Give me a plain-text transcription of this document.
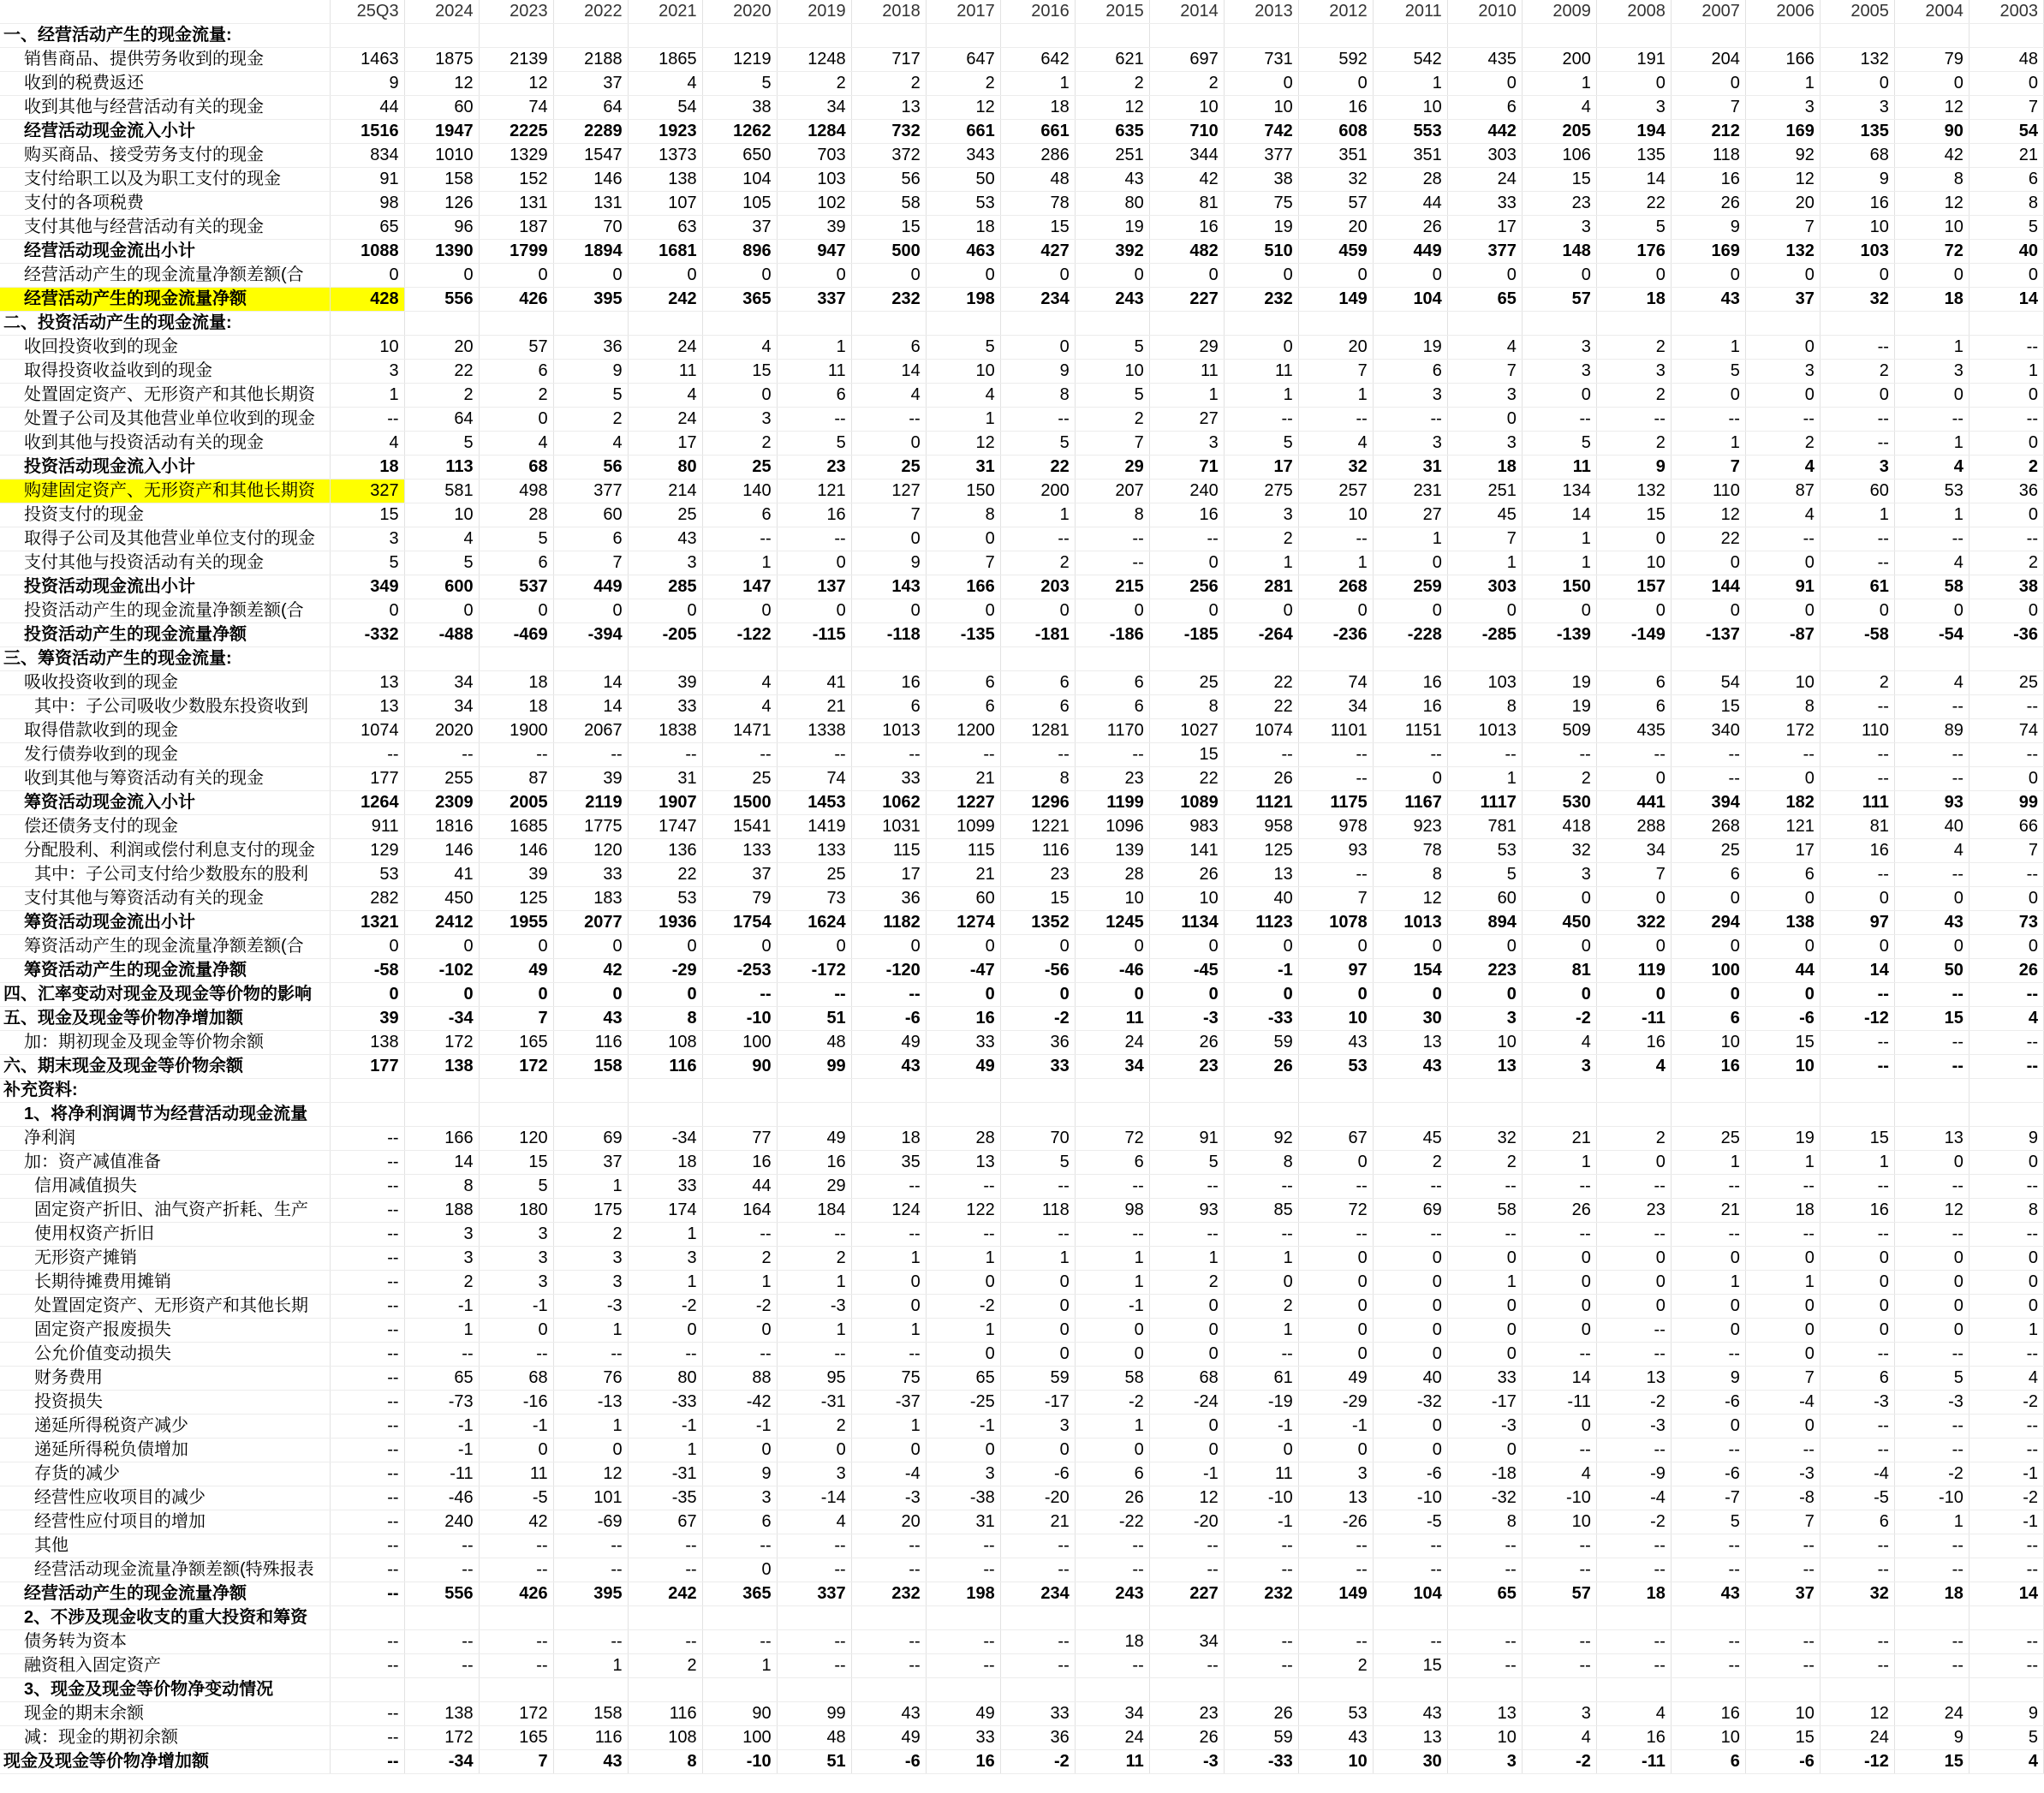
	25Q3	2024	2023	2022	2021	2020	2019	2018	2017	2016	2015	2014	2013	2012	2011	2010	2009	2008	2007	2006	2005	2004	2003
一、经营活动产生的现金流量:																							
销售商品、提供劳务收到的现金	1463	1875	2139	2188	1865	1219	1248	717	647	642	621	697	731	592	542	435	200	191	204	166	132	79	48
收到的税费返还	9	12	12	37	4	5	2	2	2	1	2	2	0	0	1	0	1	0	0	1	0	0	0
收到其他与经营活动有关的现金	44	60	74	64	54	38	34	13	12	18	12	10	10	16	10	6	4	3	7	3	3	12	7
经营活动现金流入小计	1516	1947	2225	2289	1923	1262	1284	732	661	661	635	710	742	608	553	442	205	194	212	169	135	90	54
购买商品、接受劳务支付的现金	834	1010	1329	1547	1373	650	703	372	343	286	251	344	377	351	351	303	106	135	118	92	68	42	21
支付给职工以及为职工支付的现金	91	158	152	146	138	104	103	56	50	48	43	42	38	32	28	24	15	14	16	12	9	8	6
支付的各项税费	98	126	131	131	107	105	102	58	53	78	80	81	75	57	44	33	23	22	26	20	16	12	8
支付其他与经营活动有关的现金	65	96	187	70	63	37	39	15	18	15	19	16	19	20	26	17	3	5	9	7	10	10	5
经营活动现金流出小计	1088	1390	1799	1894	1681	896	947	500	463	427	392	482	510	459	449	377	148	176	169	132	103	72	40
经营活动产生的现金流量净额差额(合	0	0	0	0	0	0	0	0	0	0	0	0	0	0	0	0	0	0	0	0	0	0	0
经营活动产生的现金流量净额	428	556	426	395	242	365	337	232	198	234	243	227	232	149	104	65	57	18	43	37	32	18	14
二、投资活动产生的现金流量:																							
收回投资收到的现金	10	20	57	36	24	4	1	6	5	0	5	29	0	20	19	4	3	2	1	0	--	1	--
取得投资收益收到的现金	3	22	6	9	11	15	11	14	10	9	10	11	11	7	6	7	3	3	5	3	2	3	1
处置固定资产、无形资产和其他长期资	1	2	2	5	4	0	6	4	4	8	5	1	1	1	3	3	0	2	0	0	0	0	0
处置子公司及其他营业单位收到的现金	--	64	0	2	24	3	--	--	1	--	2	27	--	--	--	0	--	--	--	--	--	--	--
收到其他与投资活动有关的现金	4	5	4	4	17	2	5	0	12	5	7	3	5	4	3	3	5	2	1	2	--	1	0
投资活动现金流入小计	18	113	68	56	80	25	23	25	31	22	29	71	17	32	31	18	11	9	7	4	3	4	2
购建固定资产、无形资产和其他长期资	327	581	498	377	214	140	121	127	150	200	207	240	275	257	231	251	134	132	110	87	60	53	36
投资支付的现金	15	10	28	60	25	6	16	7	8	1	8	16	3	10	27	45	14	15	12	4	1	1	0
取得子公司及其他营业单位支付的现金	3	4	5	6	43	--	--	0	0	--	--	--	2	--	1	7	1	0	22	--	--	--	--
支付其他与投资活动有关的现金	5	5	6	7	3	1	0	9	7	2	--	0	1	1	0	1	1	10	0	0	--	4	2
投资活动现金流出小计	349	600	537	449	285	147	137	143	166	203	215	256	281	268	259	303	150	157	144	91	61	58	38
投资活动产生的现金流量净额差额(合	0	0	0	0	0	0	0	0	0	0	0	0	0	0	0	0	0	0	0	0	0	0	0
投资活动产生的现金流量净额	-332	-488	-469	-394	-205	-122	-115	-118	-135	-181	-186	-185	-264	-236	-228	-285	-139	-149	-137	-87	-58	-54	-36
三、筹资活动产生的现金流量:																							
吸收投资收到的现金	13	34	18	14	39	4	41	16	6	6	6	25	22	74	16	103	19	6	54	10	2	4	25
其中：子公司吸收少数股东投资收到	13	34	18	14	33	4	21	6	6	6	6	8	22	34	16	8	19	6	15	8	--	--	--
取得借款收到的现金	1074	2020	1900	2067	1838	1471	1338	1013	1200	1281	1170	1027	1074	1101	1151	1013	509	435	340	172	110	89	74
发行债券收到的现金	--	--	--	--	--	--	--	--	--	--	--	15	--	--	--	--	--	--	--	--	--	--	--
收到其他与筹资活动有关的现金	177	255	87	39	31	25	74	33	21	8	23	22	26	--	0	1	2	0	--	0	--	--	0
筹资活动现金流入小计	1264	2309	2005	2119	1907	1500	1453	1062	1227	1296	1199	1089	1121	1175	1167	1117	530	441	394	182	111	93	99
偿还债务支付的现金	911	1816	1685	1775	1747	1541	1419	1031	1099	1221	1096	983	958	978	923	781	418	288	268	121	81	40	66
分配股利、利润或偿付利息支付的现金	129	146	146	120	136	133	133	115	115	116	139	141	125	93	78	53	32	34	25	17	16	4	7
其中：子公司支付给少数股东的股利	53	41	39	33	22	37	25	17	21	23	28	26	13	--	8	5	3	7	6	6	--	--	--
支付其他与筹资活动有关的现金	282	450	125	183	53	79	73	36	60	15	10	10	40	7	12	60	0	0	0	0	0	0	0
筹资活动现金流出小计	1321	2412	1955	2077	1936	1754	1624	1182	1274	1352	1245	1134	1123	1078	1013	894	450	322	294	138	97	43	73
筹资活动产生的现金流量净额差额(合	0	0	0	0	0	0	0	0	0	0	0	0	0	0	0	0	0	0	0	0	0	0	0
筹资活动产生的现金流量净额	-58	-102	49	42	-29	-253	-172	-120	-47	-56	-46	-45	-1	97	154	223	81	119	100	44	14	50	26
四、汇率变动对现金及现金等价物的影响	0	0	0	0	0	--	--	--	0	0	0	0	0	0	0	0	0	0	0	0	--	--	--
五、现金及现金等价物净增加额	39	-34	7	43	8	-10	51	-6	16	-2	11	-3	-33	10	30	3	-2	-11	6	-6	-12	15	4
加：期初现金及现金等价物余额	138	172	165	116	108	100	48	49	33	36	24	26	59	43	13	10	4	16	10	15	--	--	--
六、期末现金及现金等价物余额	177	138	172	158	116	90	99	43	49	33	34	23	26	53	43	13	3	4	16	10	--	--	--
补充资料:																							
1、将净利润调节为经营活动现金流量																							
净利润	--	166	120	69	-34	77	49	18	28	70	72	91	92	67	45	32	21	2	25	19	15	13	9
加：资产减值准备	--	14	15	37	18	16	16	35	13	5	6	5	8	0	2	2	1	0	1	1	1	0	0
信用减值损失	--	8	5	1	33	44	29	--	--	--	--	--	--	--	--	--	--	--	--	--	--	--	--
固定资产折旧、油气资产折耗、生产	--	188	180	175	174	164	184	124	122	118	98	93	85	72	69	58	26	23	21	18	16	12	8
使用权资产折旧	--	3	3	2	1	--	--	--	--	--	--	--	--	--	--	--	--	--	--	--	--	--	--
无形资产摊销	--	3	3	3	3	2	2	1	1	1	1	1	1	0	0	0	0	0	0	0	0	0	0
长期待摊费用摊销	--	2	3	3	1	1	1	0	0	0	1	2	0	0	0	1	0	0	1	1	0	0	0
处置固定资产、无形资产和其他长期	--	-1	-1	-3	-2	-2	-3	0	-2	0	-1	0	2	0	0	0	0	0	0	0	0	0	0
固定资产报废损失	--	1	0	1	0	0	1	1	1	0	0	0	1	0	0	0	0	--	0	0	0	0	1
公允价值变动损失	--	--	--	--	--	--	--	--	0	0	0	0	--	0	0	0	--	--	--	0	--	--	--
财务费用	--	65	68	76	80	88	95	75	65	59	58	68	61	49	40	33	14	13	9	7	6	5	4
投资损失	--	-73	-16	-13	-33	-42	-31	-37	-25	-17	-2	-24	-19	-29	-32	-17	-11	-2	-6	-4	-3	-3	-2
递延所得税资产减少	--	-1	-1	1	-1	-1	2	1	-1	3	1	0	-1	-1	0	-3	0	-3	0	0	--	--	--
递延所得税负债增加	--	-1	0	0	1	0	0	0	0	0	0	0	0	0	0	0	--	--	--	--	--	--	--
存货的减少	--	-11	11	12	-31	9	3	-4	3	-6	6	-1	11	3	-6	-18	4	-9	-6	-3	-4	-2	-1
经营性应收项目的减少	--	-46	-5	101	-35	3	-14	-3	-38	-20	26	12	-10	13	-10	-32	-10	-4	-7	-8	-5	-10	-2
经营性应付项目的增加	--	240	42	-69	67	6	4	20	31	21	-22	-20	-1	-26	-5	8	10	-2	5	7	6	1	-1
其他	--	--	--	--	--	--	--	--	--	--	--	--	--	--	--	--	--	--	--	--	--	--	--
经营活动现金流量净额差额(特殊报表	--	--	--	--	--	0	--	--	--	--	--	--	--	--	--	--	--	--	--	--	--	--	--
经营活动产生的现金流量净额	--	556	426	395	242	365	337	232	198	234	243	227	232	149	104	65	57	18	43	37	32	18	14
2、不涉及现金收支的重大投资和筹资																							
债务转为资本	--	--	--	--	--	--	--	--	--	--	18	34	--	--	--	--	--	--	--	--	--	--	--
融资租入固定资产	--	--	--	1	2	1	--	--	--	--	--	--	--	2	15	--	--	--	--	--	--	--	--
3、现金及现金等价物净变动情况																							
现金的期末余额	--	138	172	158	116	90	99	43	49	33	34	23	26	53	43	13	3	4	16	10	12	24	9
减：现金的期初余额	--	172	165	116	108	100	48	49	33	36	24	26	59	43	13	10	4	16	10	15	24	9	5
现金及现金等价物净增加额	--	-34	7	43	8	-10	51	-6	16	-2	11	-3	-33	10	30	3	-2	-11	6	-6	-12	15	4
